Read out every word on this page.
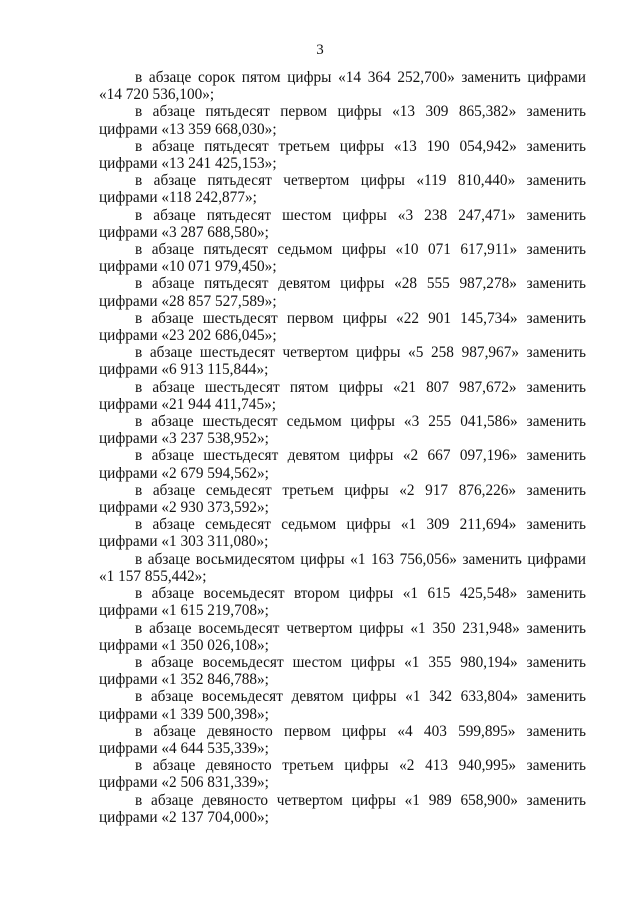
3

в абзаце сорок пятом цифры «14 364 252,700» заменить цифрами «14 720 536,100»;

в абзаце пятьдесят первом цифры «13 309 865,382» заменить цифрами «13 359 668,030»;

в абзаце пятьдесят третьем цифры «13 190 054,942» заменить цифрами «13 241 425,153»;

в абзаце пятьдесят четвертом цифры «119 810,440» заменить цифрами «118 242,877»;

в абзаце пятьдесят шестом цифры «3 238 247,471» заменить цифрами «3 287 688,580»;

в абзаце пятьдесят седьмом цифры «10 071 617,911» заменить цифрами «10 071 979,450»;

в абзаце пятьдесят девятом цифры «28 555 987,278» заменить цифрами «28 857 527,589»;

в абзаце шестьдесят первом цифры «22 901 145,734» заменить цифрами «23 202 686,045»;

в абзаце шестьдесят четвертом цифры «5 258 987,967» заменить цифрами «6 913 115,844»;

в абзаце шестьдесят пятом цифры «21 807 987,672» заменить цифрами «21 944 411,745»;

в абзаце шестьдесят седьмом цифры «3 255 041,586» заменить цифрами «3 237 538,952»;

в абзаце шестьдесят девятом цифры «2 667 097,196» заменить цифрами «2 679 594,562»;

в абзаце семьдесят третьем цифры «2 917 876,226» заменить цифрами «2 930 373,592»;

в абзаце семьдесят седьмом цифры «1 309 211,694» заменить цифрами «1 303 311,080»;

в абзаце восьмидесятом цифры «1 163 756,056» заменить цифрами «1 157 855,442»;

в абзаце восемьдесят втором цифры «1 615 425,548» заменить цифрами «1 615 219,708»;

в абзаце восемьдесят четвертом цифры «1 350 231,948» заменить цифрами «1 350 026,108»;

в абзаце восемьдесят шестом цифры «1 355 980,194» заменить цифрами «1 352 846,788»;

в абзаце восемьдесят девятом цифры «1 342 633,804» заменить цифрами «1 339 500,398»;

в абзаце девяносто первом цифры «4 403 599,895» заменить цифрами «4 644 535,339»;

в абзаце девяносто третьем цифры «2 413 940,995» заменить цифрами «2 506 831,339»;

в абзаце девяносто четвертом цифры «1 989 658,900» заменить цифрами «2 137 704,000»;
